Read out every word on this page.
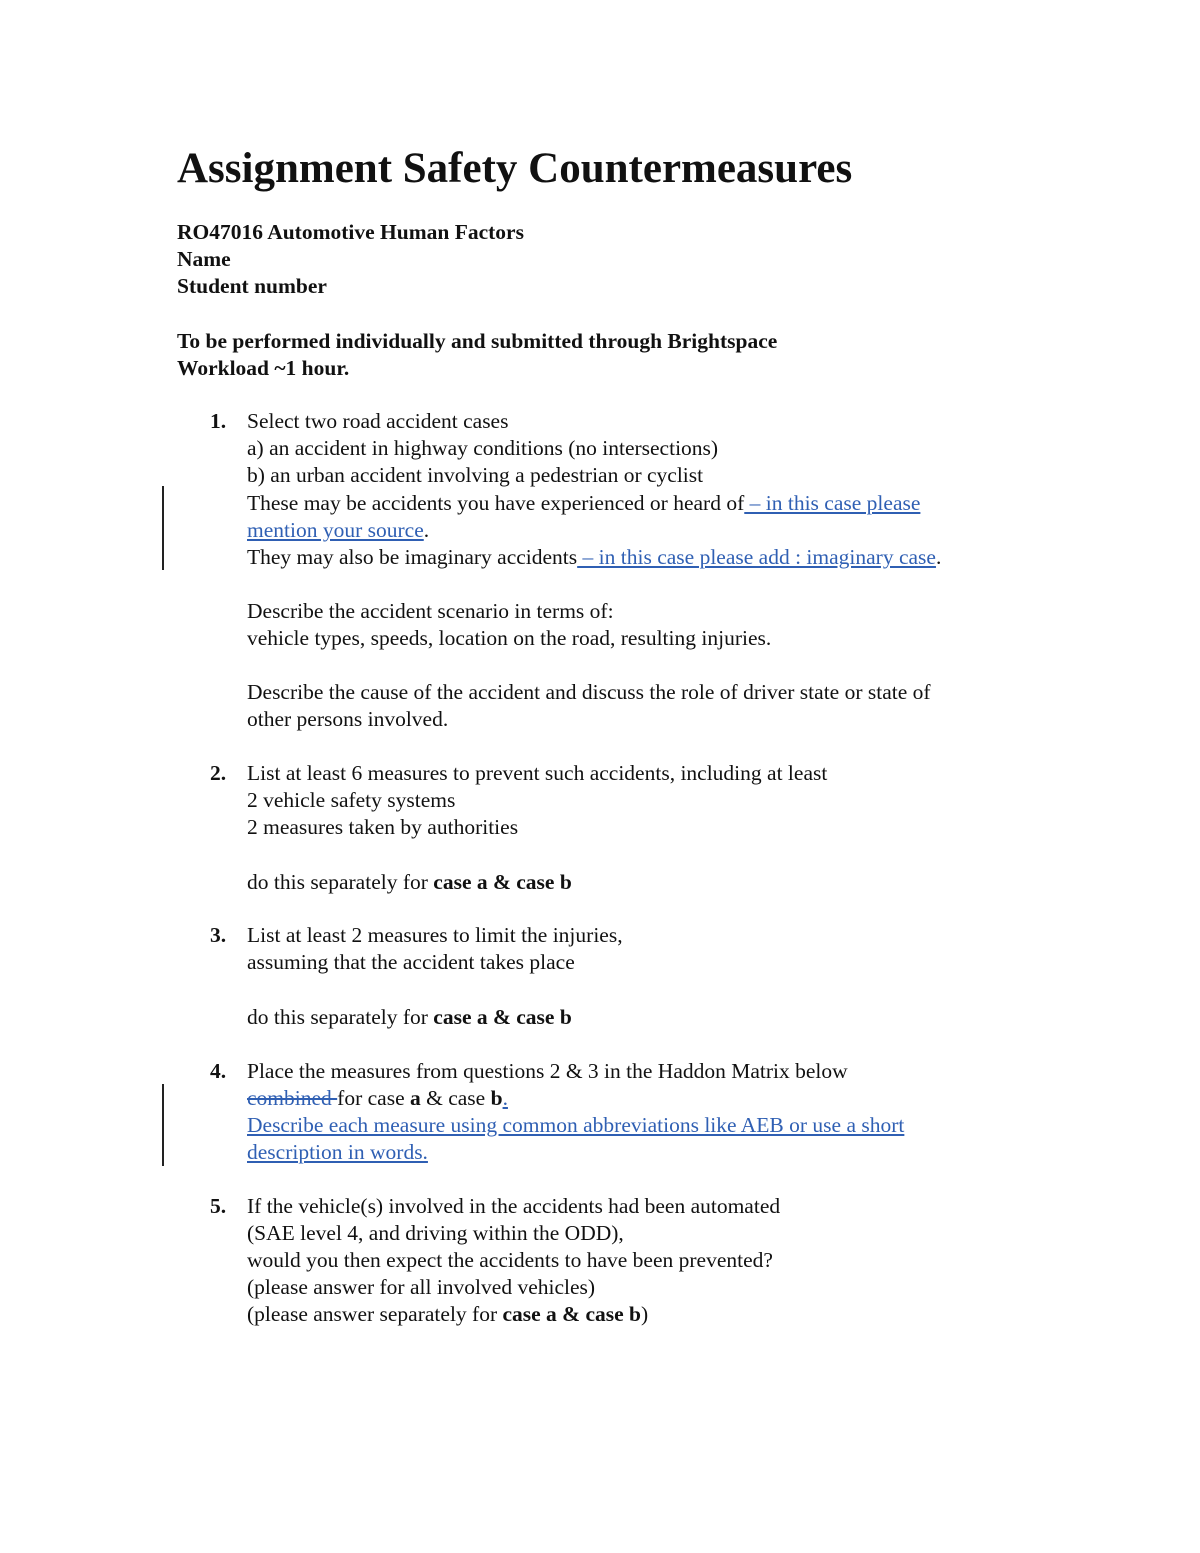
Assignment Safety Countermeasures
RO47016 Automotive Human Factors
Name
Student number
To be performed individually and submitted through Brightspace
Workload ~1 hour.
1. Select two road accident cases
a) an accident in highway conditions (no intersections)
b) an urban accident involving a pedestrian or cyclist
These may be accidents you have experienced or heard of – in this case please
mention your source.
They may also be imaginary accidents – in this case please add : imaginary case.
Describe the accident scenario in terms of:
vehicle types, speeds, location on the road, resulting injuries.
Describe the cause of the accident and discuss the role of driver state or state of
other persons involved.
2. List at least 6 measures to prevent such accidents, including at least
2 vehicle safety systems
2 measures taken by authorities
do this separately for case a & case b
3. List at least 2 measures to limit the injuries,
assuming that the accident takes place
do this separately for case a & case b
4. Place the measures from questions 2 & 3 in the Haddon Matrix below
combined for case a & case b.
Describe each measure using common abbreviations like AEB or use a short
description in words.
5. If the vehicle(s) involved in the accidents had been automated
(SAE level 4, and driving within the ODD),
would you then expect the accidents to have been prevented?
(please answer for all involved vehicles)
(please answer separately for case a & case b)
